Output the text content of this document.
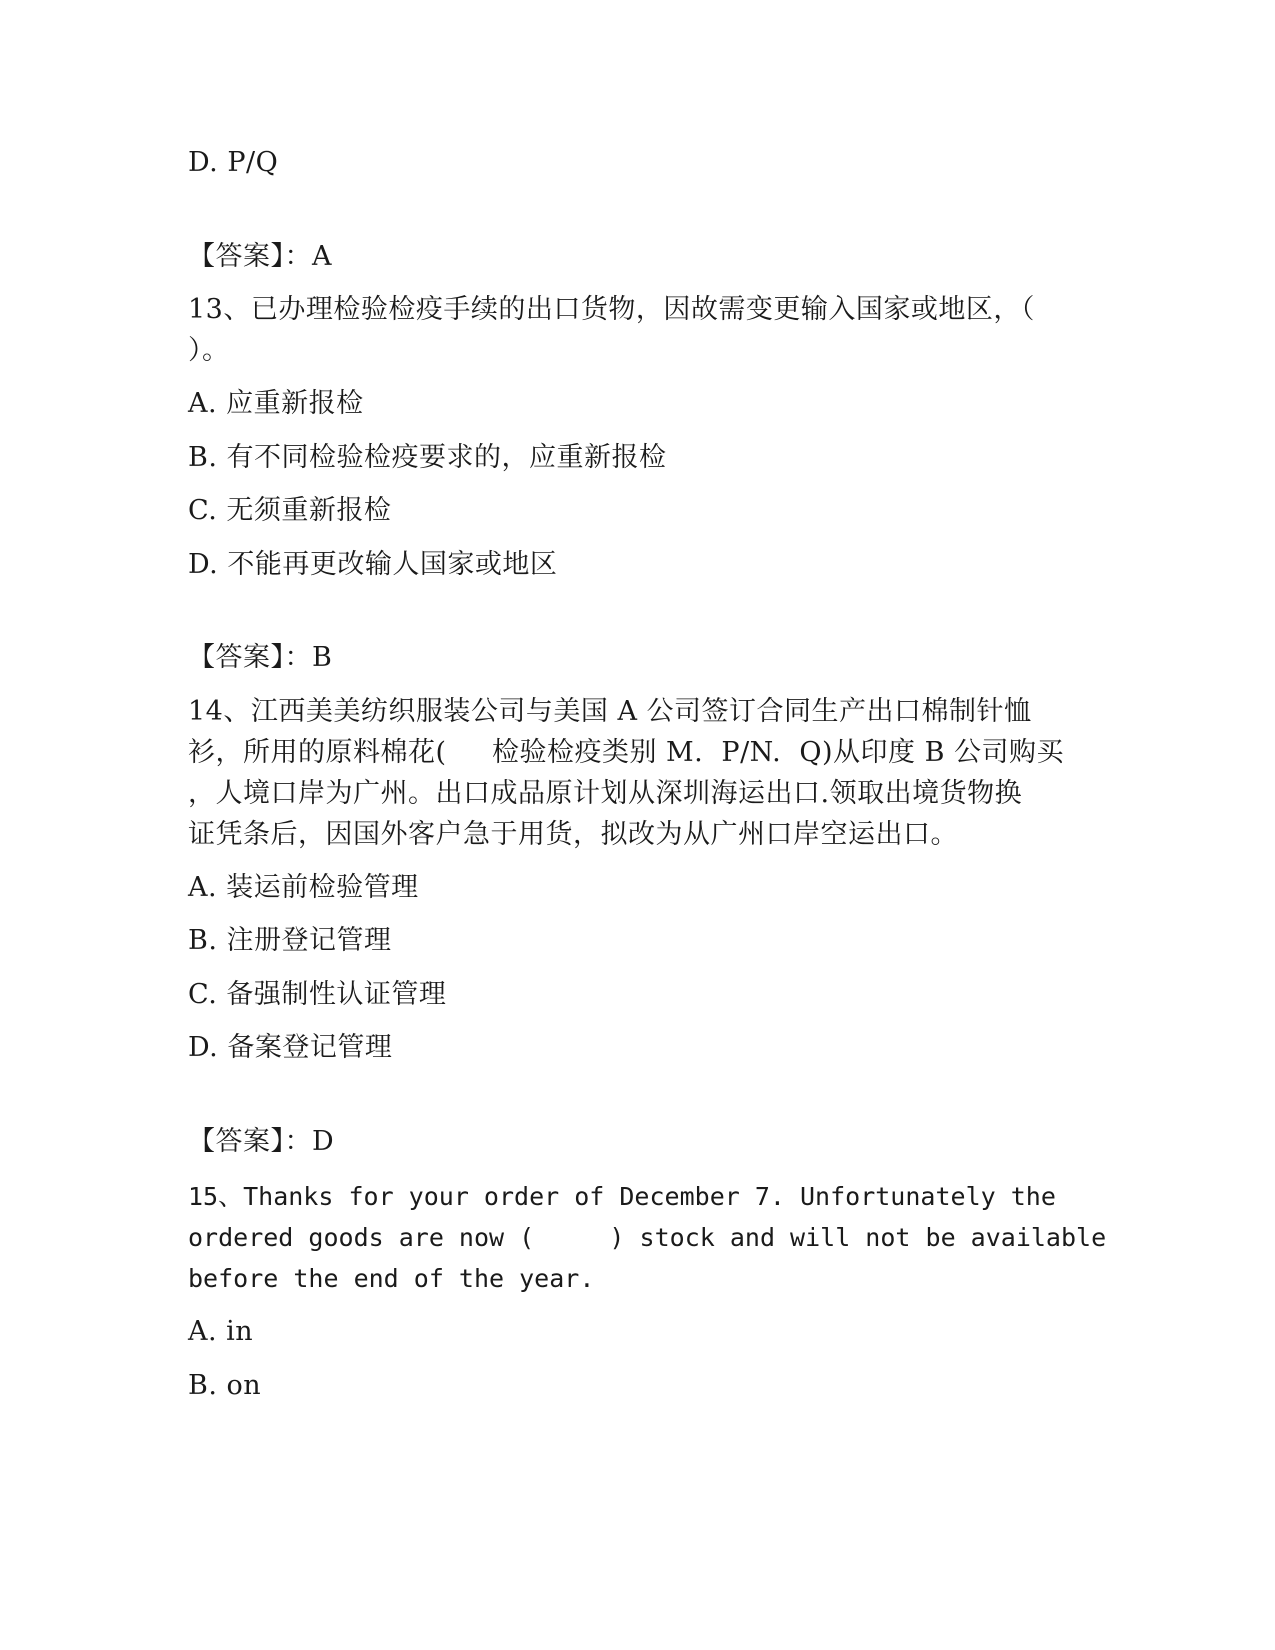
D. P/Q

【答案】：A

13、已办理检验检疫手续的出口货物，因故需变更输入国家或地区，（

）。

A. 应重新报检

B. 有不同检验检疫要求的，应重新报检

C. 无须重新报检

D. 不能再更改输人国家或地区

【答案】：B

14、江西美美纺织服装公司与美国 A 公司签订合同生产出口棉制针恤

衫，所用的原料棉花(     检验检疫类别 M.  P/N.  Q)从印度 B 公司购买

，人境口岸为广州。出口成品原计划从深圳海运出口.领取出境货物换

证凭条后，因国外客户急于用货，拟改为从广州口岸空运出口。

A. 装运前检验管理

B. 注册登记管理

C. 备强制性认证管理

D. 备案登记管理

【答案】：D

15、Thanks for your order of December 7. Unfortunately the

ordered goods are now (     ) stock and will not be available

before the end of the year.

A. in

B. on
